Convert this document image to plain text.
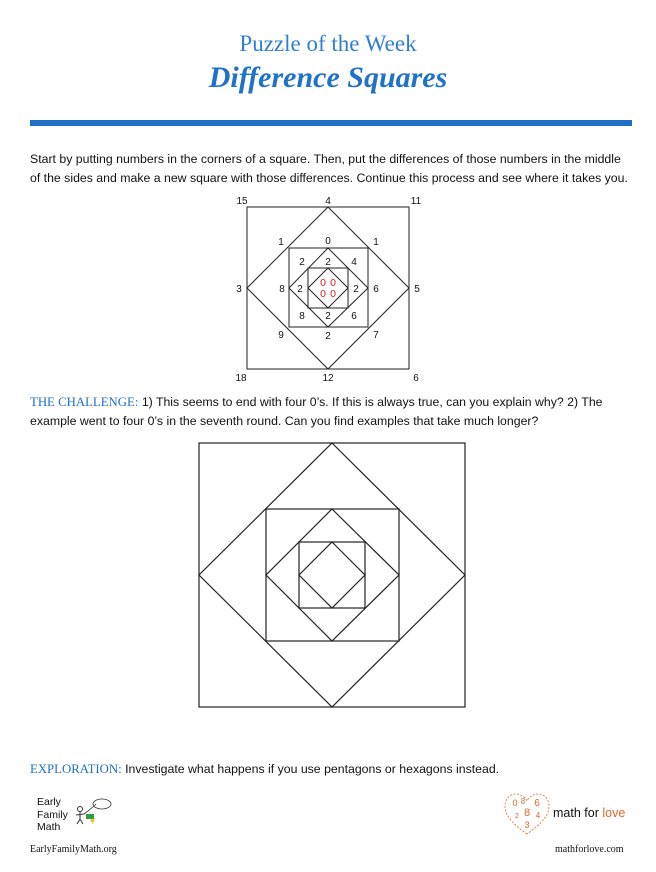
Puzzle of the Week
Difference Squares
Start by putting numbers in the corners of a square. Then, put the differences of those numbers in the middle of the sides and make a new square with those differences. Continue this process and see where it takes you.
15	11
6
18
4
5
12
3
1	1
7
9
0
6
2
8
2	4
6
8
2
2
2
2
0 0
0
0
THE CHALLENGE: 1) This seems to end with four 0’s. If this is always true, can you explain why? 2) The example went to four 0’s in the seventh round. Can you find examples that take much longer?
EXPLORATION: Investigate what happens if you use pentagons or hexagons instead.
Early
Family
Math
EarlyFamilyMath.org
0 8 6
8
2 4
3
math for love
mathforlove.com
